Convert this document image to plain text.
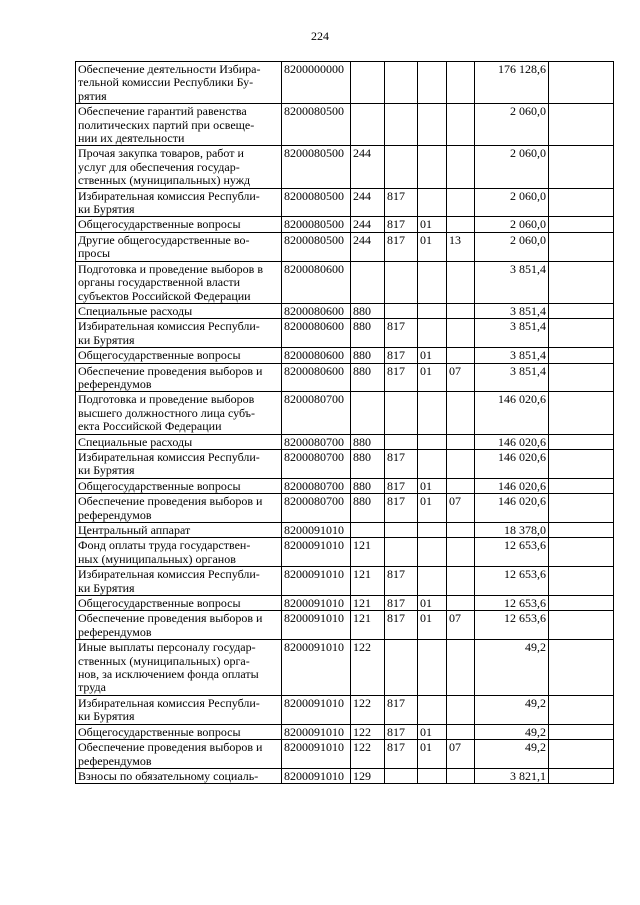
224
Обеспечение деятельности Избира-
тельной комиссии Республики Бу-
рятия	8200000000					176 128,6	

Обеспечение гарантий равенства
политических партий при освеще-
нии их деятельности	8200080500					2 060,0	

Прочая закупка товаров, работ и
услуг для обеспечения государ-
ственных (муниципальных) нужд	8200080500	244				2 060,0	

Избирательная комиссия Республи-
ки Бурятия	8200080500	244	817			2 060,0	

Общегосударственные вопросы	8200080500	244	817	01		2 060,0	

Другие общегосударственные во-
просы	8200080500	244	817	01	13	2 060,0	

Подготовка и проведение выборов в
органы государственной власти
субъектов Российской Федерации	8200080600					3 851,4	

Специальные расходы	8200080600	880				3 851,4	

Избирательная комиссия Республи-
ки Бурятия	8200080600	880	817			3 851,4	

Общегосударственные вопросы	8200080600	880	817	01		3 851,4	

Обеспечение проведения выборов и
референдумов	8200080600	880	817	01	07	3 851,4	

Подготовка и проведение выборов
высшего должностного лица субъ-
екта Российской Федерации	8200080700					146 020,6	

Специальные расходы	8200080700	880				146 020,6	

Избирательная комиссия Республи-
ки Бурятия	8200080700	880	817			146 020,6	

Общегосударственные вопросы	8200080700	880	817	01		146 020,6	

Обеспечение проведения выборов и
референдумов	8200080700	880	817	01	07	146 020,6	

Центральный аппарат	8200091010					18 378,0	

Фонд оплаты труда государствен-
ных (муниципальных) органов	8200091010	121				12 653,6	

Избирательная комиссия Республи-
ки Бурятия	8200091010	121	817			12 653,6	

Общегосударственные вопросы	8200091010	121	817	01		12 653,6	

Обеспечение проведения выборов и
референдумов	8200091010	121	817	01	07	12 653,6	

Иные выплаты персоналу государ-
ственных (муниципальных) орга-
нов, за исключением фонда оплаты
труда	8200091010	122				49,2	

Избирательная комиссия Республи-
ки Бурятия	8200091010	122	817			49,2	

Общегосударственные вопросы	8200091010	122	817	01		49,2	

Обеспечение проведения выборов и
референдумов	8200091010	122	817	01	07	49,2	

Взносы по обязательному социаль-	8200091010	129				3 821,1	
